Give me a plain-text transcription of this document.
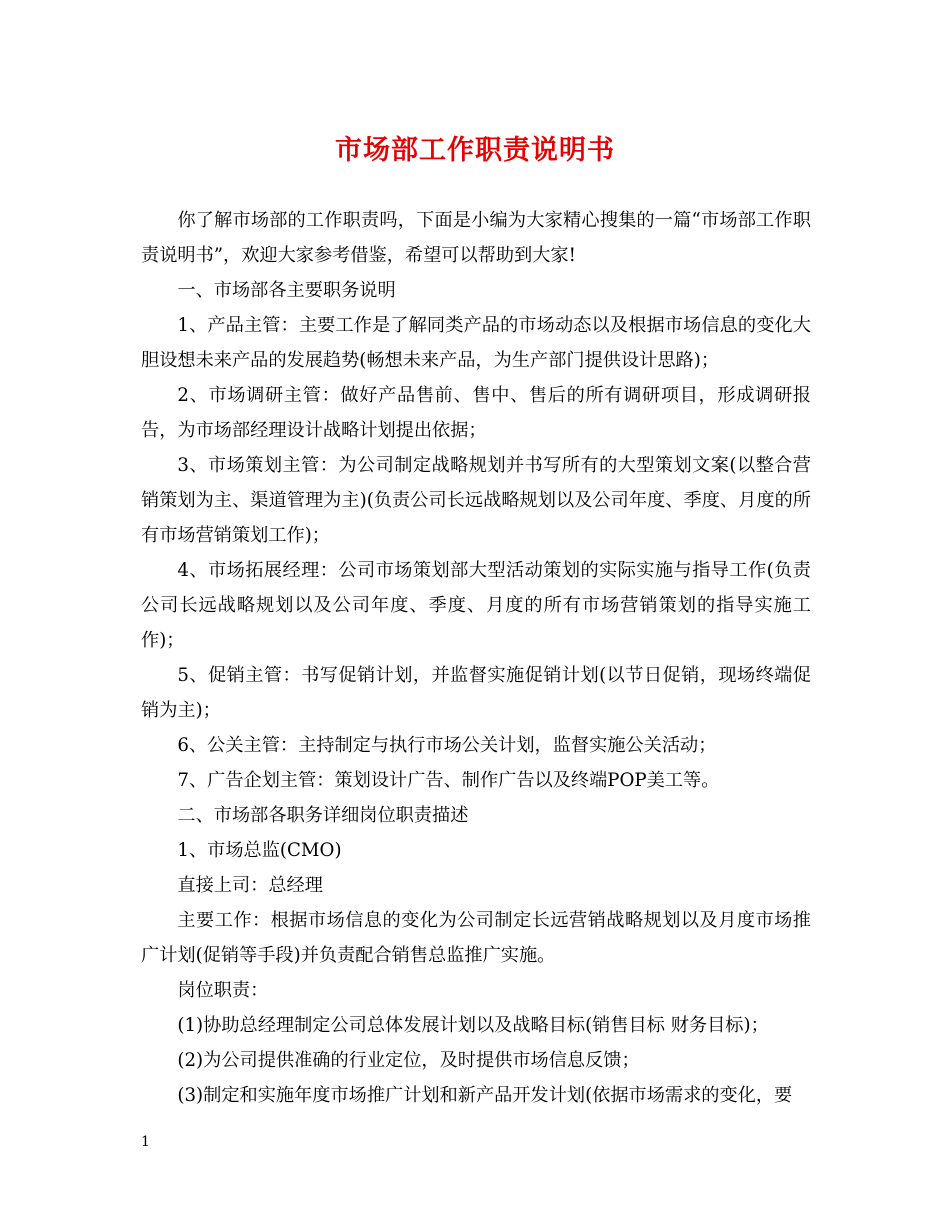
市场部工作职责说明书

你了解市场部的工作职责吗，下面是小编为大家精心搜集的一篇“市场部工作职责说明书”，欢迎大家参考借鉴，希望可以帮助到大家!

一、市场部各主要职务说明

1、产品主管：主要工作是了解同类产品的市场动态以及根据市场信息的变化大胆设想未来产品的发展趋势(畅想未来产品，为生产部门提供设计思路)；

2、市场调研主管：做好产品售前、售中、售后的所有调研项目，形成调研报告，为市场部经理设计战略计划提出依据；

3、市场策划主管：为公司制定战略规划并书写所有的大型策划文案(以整合营销策划为主、渠道管理为主)(负责公司长远战略规划以及公司年度、季度、月度的所有市场营销策划工作)；

4、市场拓展经理：公司市场策划部大型活动策划的实际实施与指导工作(负责公司长远战略规划以及公司年度、季度、月度的所有市场营销策划的指导实施工作)；

5、促销主管：书写促销计划，并监督实施促销计划(以节日促销，现场终端促销为主)；

6、公关主管：主持制定与执行市场公关计划，监督实施公关活动；

7、广告企划主管：策划设计广告、制作广告以及终端POP美工等。

二、市场部各职务详细岗位职责描述

1、市场总监(CMO)

直接上司：总经理

主要工作：根据市场信息的变化为公司制定长远营销战略规划以及月度市场推广计划(促销等手段)并负责配合销售总监推广实施。

岗位职责：

(1)协助总经理制定公司总体发展计划以及战略目标(销售目标 财务目标)；

(2)为公司提供准确的行业定位，及时提供市场信息反馈；

(3)制定和实施年度市场推广计划和新产品开发计划(依据市场需求的变化，要

1
